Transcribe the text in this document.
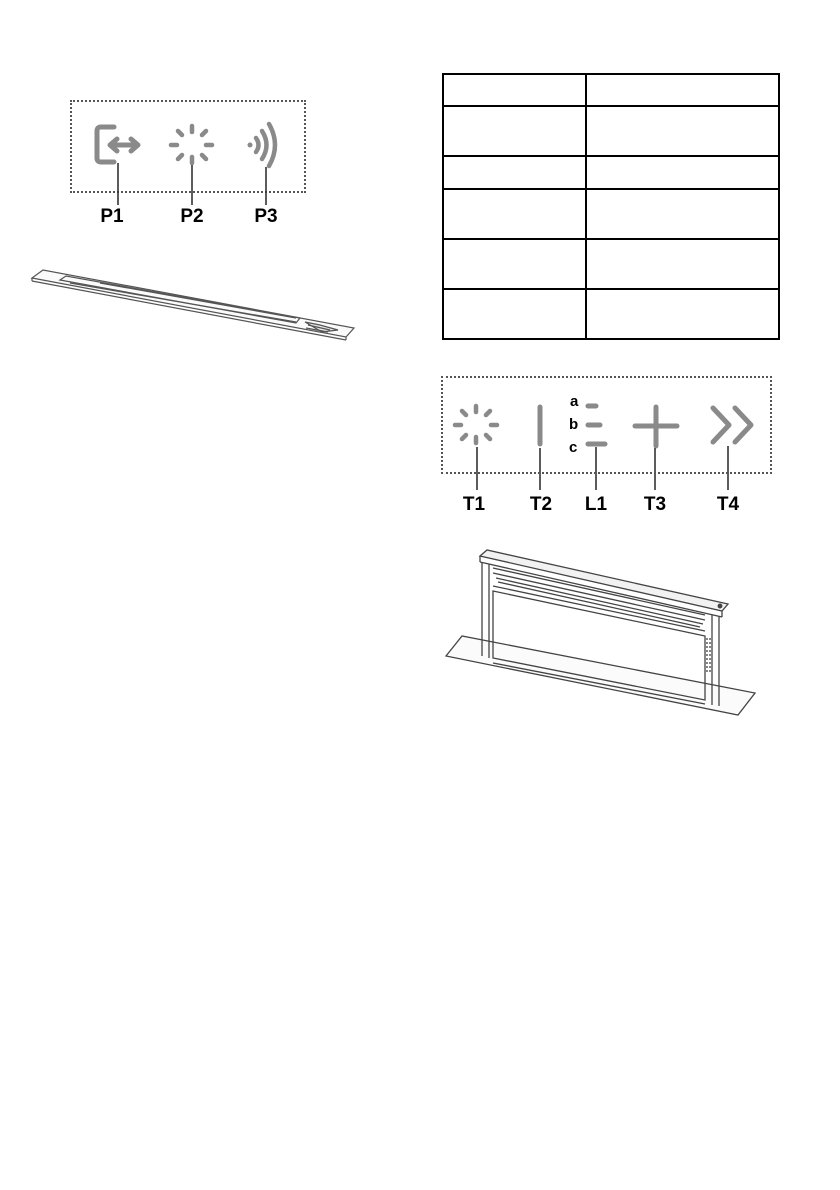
P1	P2	P3

a
b
c
T1	T2	L1	T3	T4
